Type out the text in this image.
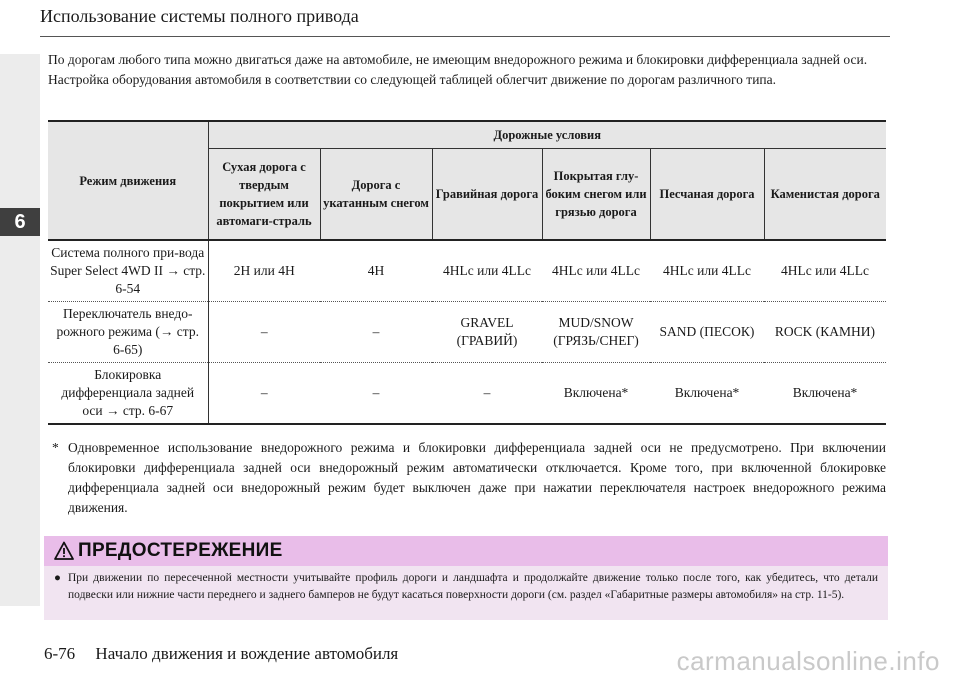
6
Использование системы полного привода

По дорогам любого типа можно двигаться даже на автомобиле, не имеющим внедорожного режима и блокировки дифференциала задней оси.

Настройка оборудования автомобиля в соответствии со следующей таблицей облегчит движение по дорогам различного типа.

Режим движения	Дорожные условия					
	Сухая дорога с твердым покрытием или автомаги-страль	Дорога с укатанным снегом	Гравийная дорога	Покрытая глу-боким снегом или грязью дорога	Песчаная дорога	Каменистая дорога
Система полного при-вода Super Select 4WD II → стр. 6-54	2H или 4H	4H	4HLc или 4LLc	4HLc или 4LLc	4HLc или 4LLc	4HLc или 4LLc
Переключатель внедо-рожного режима (→ стр. 6-65)	–	–	GRAVEL (ГРАВИЙ)	MUD/SNOW (ГРЯЗЬ/СНЕГ)	SAND (ПЕСОК)	ROCK (КАМНИ)
Блокировка дифференциала задней оси → стр. 6-67	–	–	–	Включена*	Включена*	Включена*
* Одновременное использование внедорожного режима и блокировки дифференциала задней оси не предусмотрено. При включении блокировки дифференциала задней оси внедорожный режим автоматически отключается. Кроме того, при включенной блокировке дифференциала задней оси внедорожный режим будет выключен даже при нажатии переключателя настроек внедорожного режима движения.
ПРЕДОСТЕРЕЖЕНИЕ
● При движении по пересеченной местности учитывайте профиль дороги и ландшафта и продолжайте движение только после того, как убедитесь, что детали подвески или нижние части переднего и заднего бамперов не будут касаться поверхности дороги (см. раздел «Габаритные размеры автомобиля» на стр. 11-5).
6-76 Начало движения и вождение автомобиля	carmanualsonline.info
